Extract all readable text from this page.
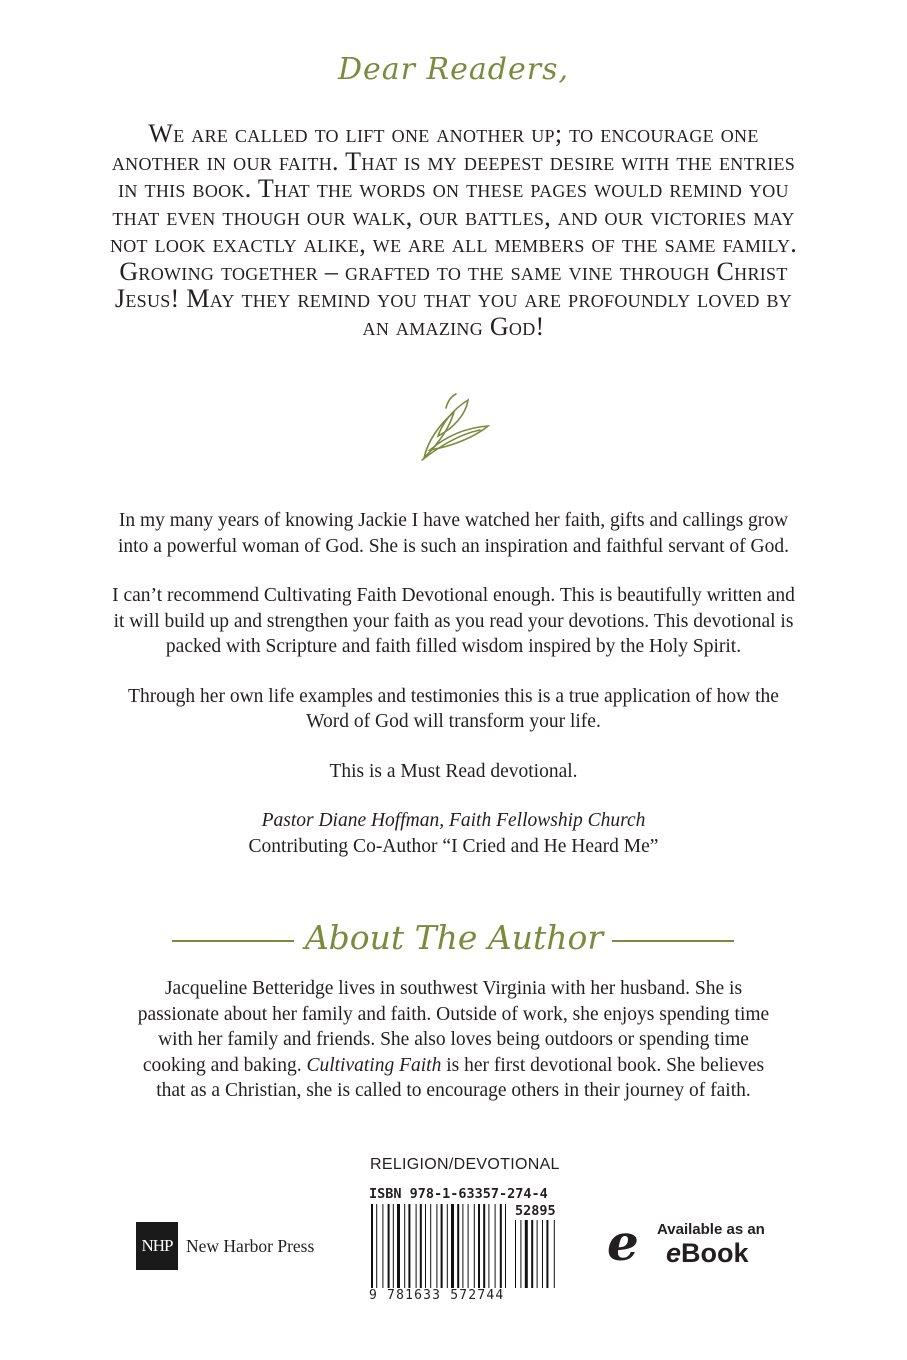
Dear Readers,
We are called to lift one another up; to encourage one
another in our faith. That is my deepest desire with the entries
in this book. That the words on these pages would remind you
that even though our walk, our battles, and our victories may
not look exactly alike, we are all members of the same family.
Growing together – grafted to the same vine through Christ
Jesus! May they remind you that you are profoundly loved by
an amazing God!

In my many years of knowing Jackie I have watched her faith, gifts and callings grow
into a powerful woman of God. She is such an inspiration and faithful servant of God.

I can’t recommend Cultivating Faith Devotional enough. This is beautifully written and
it will build up and strengthen your faith as you read your devotions. This devotional is
packed with Scripture and faith filled wisdom inspired by the Holy Spirit.

Through her own life examples and testimonies this is a true application of how the
Word of God will transform your life.

This is a Must Read devotional.

Pastor Diane Hoffman, Faith Fellowship Church

Contributing Co-Author “I Cried and He Heard Me”

About The Author
Jacqueline Betteridge lives in southwest Virginia with her husband. She is
passionate about her family and faith. Outside of work, she enjoys spending time
with her family and friends. She also loves being outdoors or spending time
cooking and baking. Cultivating Faith is her first devotional book. She believes
that as a Christian, she is called to encourage others in their journey of faith.
RELIGION/DEVOTIONAL
ISBN 978-1-63357-274-4
52895
9 781633 572744
NHP New Harbor Press	e Available as an
eBook
